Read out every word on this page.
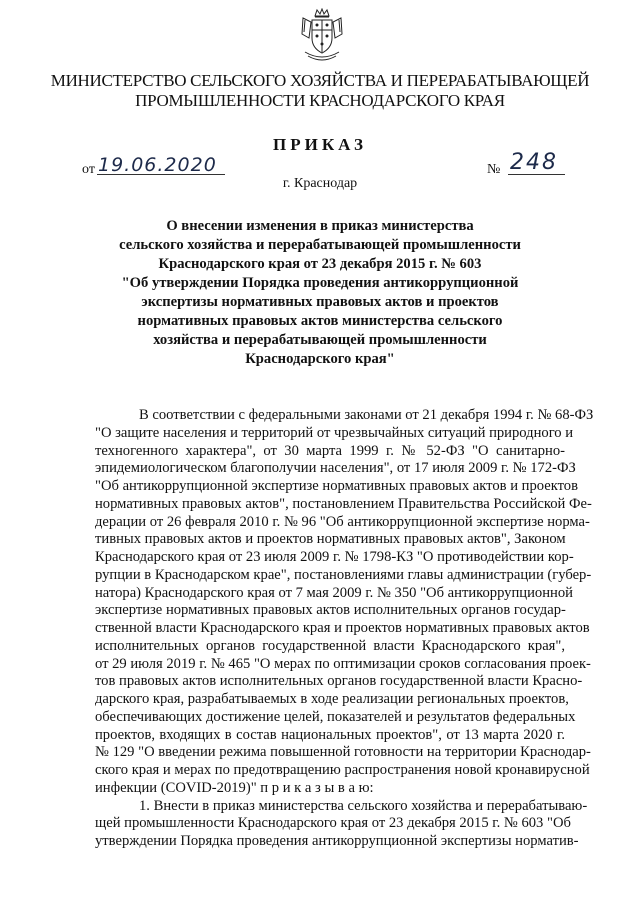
МИНИСТЕРСТВО СЕЛЬСКОГО ХОЗЯЙСТВА И ПЕРЕРАБАТЫВАЮЩЕЙ
ПРОМЫШЛЕННОСТИ КРАСНОДАРСКОГО КРАЯ
ПРИКАЗ
от 19.06.2020	№ 248
г. Краснодар
О внесении изменения в приказ министерства
сельского хозяйства и перерабатывающей промышленности
Краснодарского края от 23 декабря 2015 г. № 603
"Об утверждении Порядка проведения антикоррупционной
экспертизы нормативных правовых актов и проектов
нормативных правовых актов министерства сельского
хозяйства и перерабатывающей промышленности
Краснодарского края"
В соответствии с федеральными законами от 21 декабря 1994 г. № 68-ФЗ
"О защите населения и территорий от чрезвычайных ситуаций природного и
техногенного характера", от 30 марта 1999 г. № 52-ФЗ "О санитарно-
эпидемиологическом благополучии населения", от 17 июля 2009 г. № 172-ФЗ
"Об антикоррупционной экспертизе нормативных правовых актов и проектов
нормативных правовых актов", постановлением Правительства Российской Фе-
дерации от 26 февраля 2010 г. № 96 "Об антикоррупционной экспертизе норма-
тивных правовых актов и проектов нормативных правовых актов", Законом
Краснодарского края от 23 июля 2009 г. № 1798-КЗ "О противодействии кор-
рупции в Краснодарском крае", постановлениями главы администрации (губер-
натора) Краснодарского края от 7 мая 2009 г. № 350 "Об антикоррупционной
экспертизе нормативных правовых актов исполнительных органов государ-
ственной власти Краснодарского края и проектов нормативных правовых актов
исполнительных органов государственной власти Краснодарского края",
от 29 июля 2019 г. № 465 "О мерах по оптимизации сроков согласования проек-
тов правовых актов исполнительных органов государственной власти Красно-
дарского края, разрабатываемых в ходе реализации региональных проектов,
обеспечивающих достижение целей, показателей и результатов федеральных
проектов, входящих в состав национальных проектов", от 13 марта 2020 г.
№ 129 "О введении режима повышенной готовности на территории Краснодар-
ского края и мерах по предотвращению распространения новой кронавирусной
инфекции (COVID-2019)" п р и к а з ы в а ю:
1. Внести в приказ министерства сельского хозяйства и перерабатываю-
щей промышленности Краснодарского края от 23 декабря 2015 г. № 603 "Об
утверждении Порядка проведения антикоррупционной экспертизы норматив-
